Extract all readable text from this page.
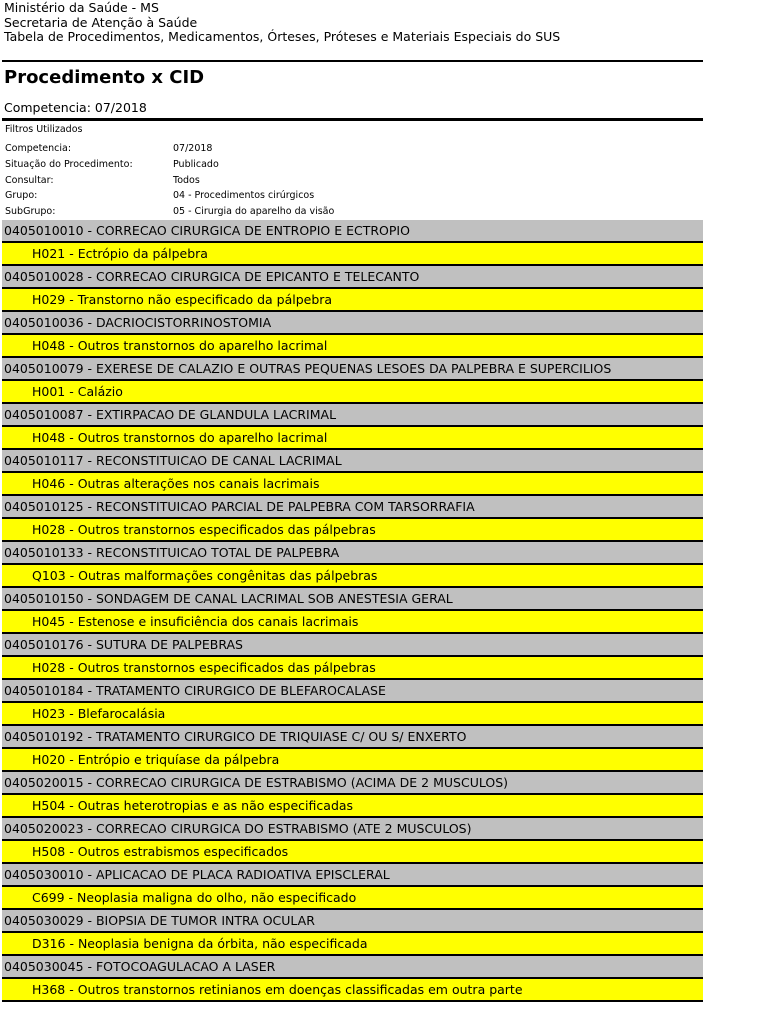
Ministério da Saúde - MS
Secretaria de Atenção à Saúde
Tabela de Procedimentos, Medicamentos, Órteses, Próteses e Materiais Especiais do SUS
Procedimento x CID
Competencia: 07/2018
Filtros Utilizados
Competencia:	07/2018
Situação do Procedimento:	Publicado
Consultar:	Todos
Grupo:	04 - Procedimentos cirúrgicos
SubGrupo:	05 - Cirurgia do aparelho da visão
0405010010 - CORRECAO CIRURGICA DE ENTROPIO E ECTROPIO
H021 - Ectrópio da pálpebra
0405010028 - CORRECAO CIRURGICA DE EPICANTO E TELECANTO
H029 - Transtorno não especificado da pálpebra
0405010036 - DACRIOCISTORRINOSTOMIA
H048 - Outros transtornos do aparelho lacrimal
0405010079 - EXERESE DE CALAZIO E OUTRAS PEQUENAS LESOES DA PALPEBRA E SUPERCILIOS
H001 - Calázio
0405010087 - EXTIRPACAO DE GLANDULA LACRIMAL
H048 - Outros transtornos do aparelho lacrimal
0405010117 - RECONSTITUICAO DE CANAL LACRIMAL
H046 - Outras alterações nos canais lacrimais
0405010125 - RECONSTITUICAO PARCIAL DE PALPEBRA COM TARSORRAFIA
H028 - Outros transtornos especificados das pálpebras
0405010133 - RECONSTITUICAO TOTAL DE PALPEBRA
Q103 - Outras malformações congênitas das pálpebras
0405010150 - SONDAGEM DE CANAL LACRIMAL SOB ANESTESIA GERAL
H045 - Estenose e insuficiência dos canais lacrimais
0405010176 - SUTURA DE PALPEBRAS
H028 - Outros transtornos especificados das pálpebras
0405010184 - TRATAMENTO CIRURGICO DE BLEFAROCALASE
H023 - Blefarocalásia
0405010192 - TRATAMENTO CIRURGICO DE TRIQUIASE C/ OU S/ ENXERTO
H020 - Entrópio e triquíase da pálpebra
0405020015 - CORRECAO CIRURGICA DE ESTRABISMO (ACIMA DE 2 MUSCULOS)
H504 - Outras heterotropias e as não especificadas
0405020023 - CORRECAO CIRURGICA DO ESTRABISMO (ATE 2 MUSCULOS)
H508 - Outros estrabismos especificados
0405030010 - APLICACAO DE PLACA RADIOATIVA EPISCLERAL
C699 - Neoplasia maligna do olho, não especificado
0405030029 - BIOPSIA DE TUMOR INTRA OCULAR
D316 - Neoplasia benigna da órbita, não especificada
0405030045 - FOTOCOAGULACAO A LASER
H368 - Outros transtornos retinianos em doenças classificadas em outra parte
